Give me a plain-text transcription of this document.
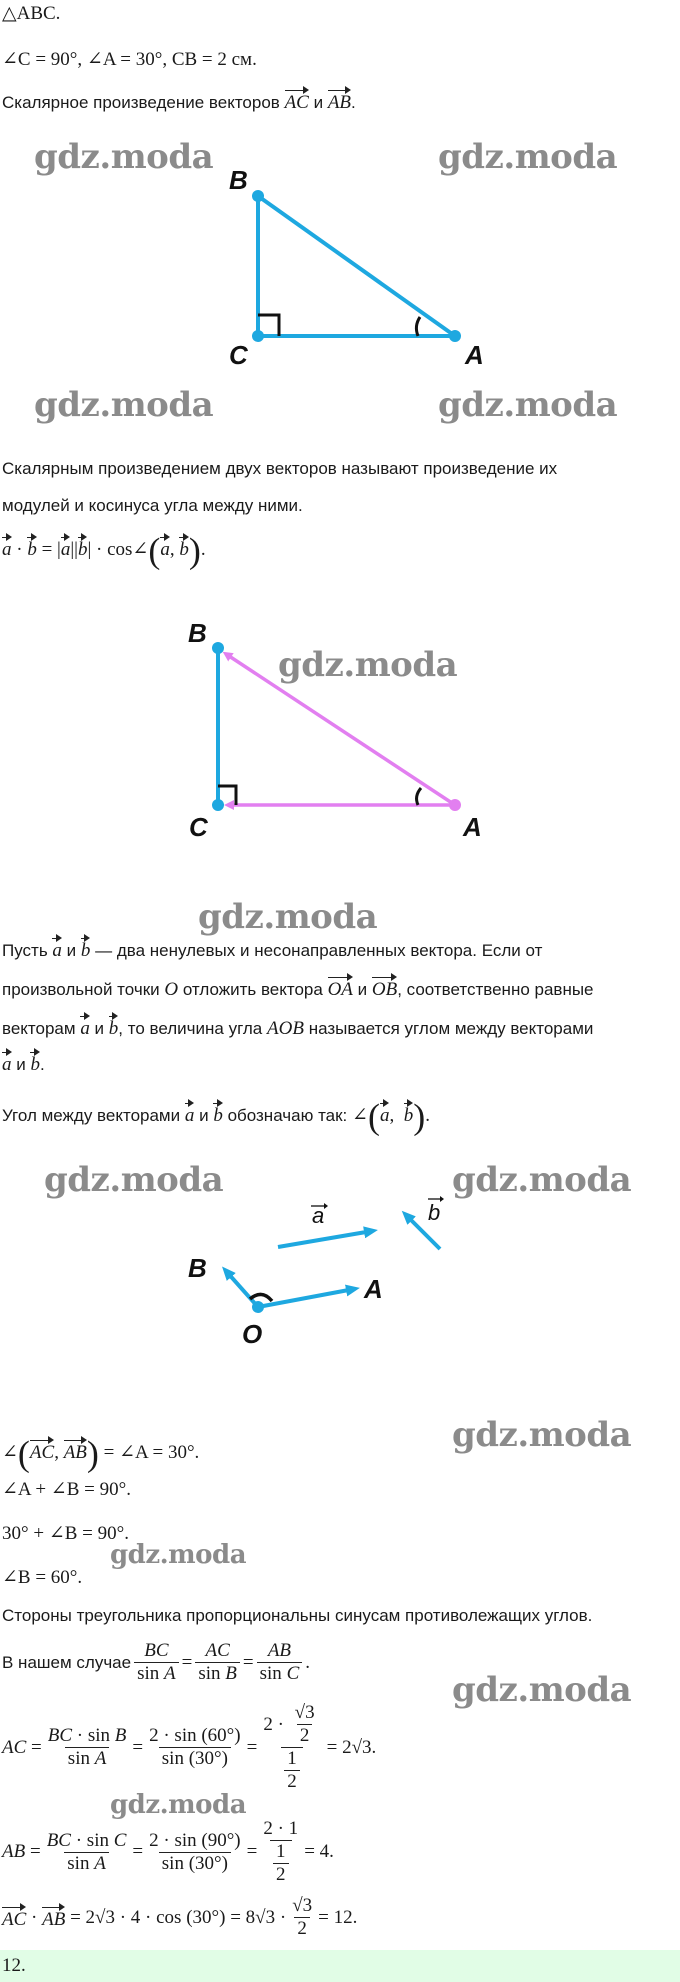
△ABC.
∠C = 90°, ∠A = 30°, CB = 2 см.
Скалярное произведение векторов AC и AB.
gdz.moda	gdz.moda
B
C	A
gdz.moda	gdz.moda
Скалярным произведением двух векторов называют произведение их
модулей и косинуса угла между ними.
a · b = |a||b| · cos∠(a, b).
B
C	A
gdz.moda
gdz.moda
Пусть a и b — два ненулевых и несонаправленных вектора. Если от
произвольной точки O отложить вектора OA и OB, соответственно равные
векторам a и b, то величина угла AOB называется углом между векторами
a и b.
Угол между векторами a и b обозначаю так: ∠(a,  b).
gdz.moda	gdz.moda
a	b
B
A
O
gdz.moda
∠(AC, AB) = ∠A = 30°.
∠A + ∠B = 90°.
30° + ∠B = 90°.
gdz.moda
∠B = 60°.
Стороны треугольника пропорциональны синусам противолежащих углов.
В нашем случае $\frac{BC}{\text{sin A}} = \frac{AC}{\text{sin B}} = \frac{AB}{\text{sin C}}$ .
gdz.moda
AC = $\frac{\text{BC · sin B}}{\text{sin A}} = \frac{2 \cdot \sin (60^\circ)}{\sin (30^\circ)} = \frac{2 \cdot \frac{√3}{2}}{\frac{1}{2}} = 2√3$.
gdz.moda
AB = $\frac{\text{BC · sin C}}{\text{sin A}} = \frac{2 \cdot \sin (90^\circ)}{\sin (30^\circ)} = \frac{2 \cdot 1}{\frac{1}{2}} = 4$.
AC · AB = $2√3 \cdot 4 \cdot \cos (30^\circ) = 8√3 \cdot \frac{√3}{2} = 12$.
12.
